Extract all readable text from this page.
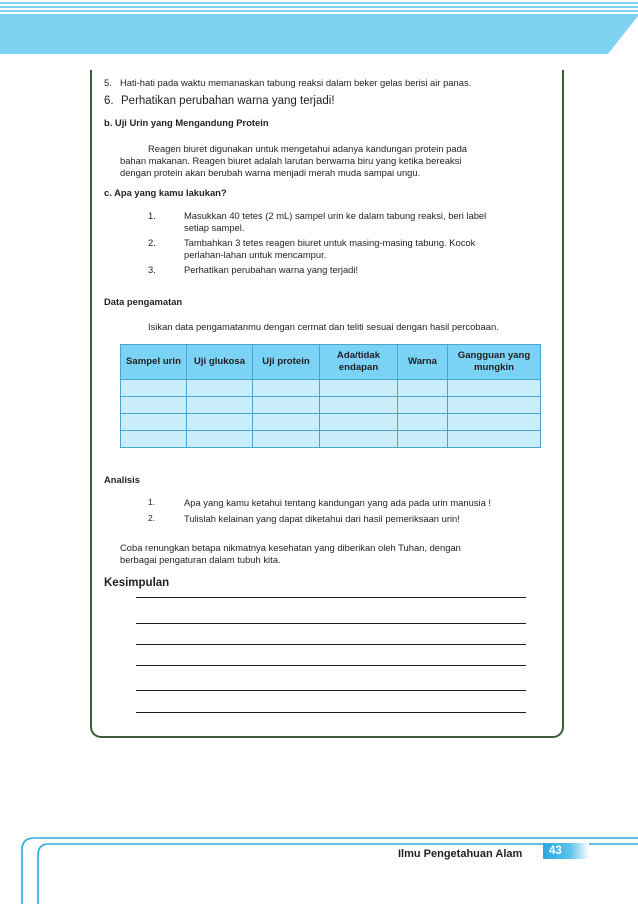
5. Hati-hati pada waktu memanaskan tabung reaksi dalam beker gelas berisi air panas.
6. Perhatikan perubahan warna yang terjadi!
b. Uji Urin yang Mengandung Protein
Reagen biuret digunakan untuk mengetahui adanya kandungan protein pada
bahan makanan. Reagen biuret adalah larutan berwarna biru yang ketika bereaksi
dengan protein akan berubah warna menjadi merah muda sampai ungu.
c. Apa yang kamu lakukan?
1.	Masukkan 40 tetes (2 mL) sampel urin ke dalam tabung reaksi, beri label
setiap sampel.
2.	Tambahkan 3 tetes reagen biuret untuk masing-masing tabung. Kocok
perlahan-lahan untuk mencampur.
3.	Perhatikan perubahan warna yang terjadi!
Data pengamatan
Isikan data pengamatanmu dengan cermat dan teliti sesuai dengan hasil percobaan.
Sampel urin	Uji glukosa	Uji protein	Ada/tidak endapan	Warna	Gangguan yang mungkin

Analisis
1.	Apa yang kamu ketahui tentang kandungan yang ada pada urin manusia !
2.	Tulislah kelainan yang dapat diketahui dari hasil pemeriksaan urin!
Coba renungkan betapa nikmatnya kesehatan yang diberikan oleh Tuhan, dengan
berbagai pengaturan dalam tubuh kita.
Kesimpulan
Ilmu Pengetahuan Alam	43
